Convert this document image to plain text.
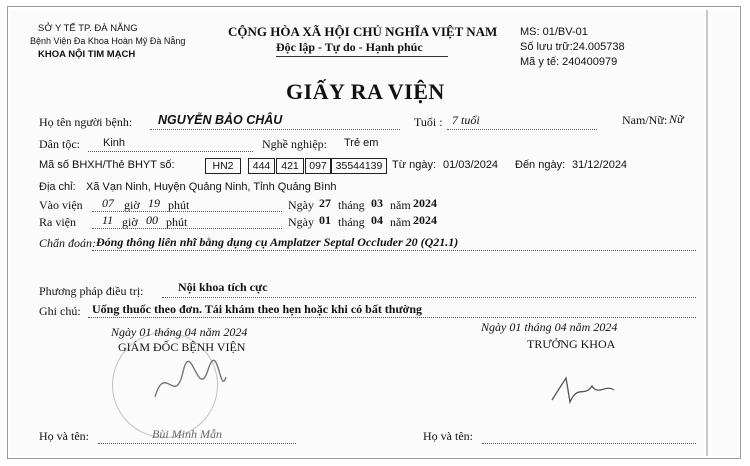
SỞ Y TẾ TP. ĐÀ NẴNG
Bệnh Viện Đa Khoa Hoàn Mỹ Đà Nẵng
KHOA NỘI TIM MẠCH
CỘNG HÒA XÃ HỘI CHỦ NGHĨA VIỆT NAM
Độc lập - Tự do - Hạnh phúc
MS: 01/BV-01
Số lưu trữ:24.005738
Mã y tế: 240400979
GIẤY RA VIỆN
Họ tên người bệnh: NGUYỄN BẢO CHÂU	Tuổi : 7 tuổi	Nam/Nữ: Nữ
Dân tộc: Kinh	Nghề nghiệp: Trẻ em
Mã số BHXH/Thẻ BHYT số:	HN2	444	421 097 35544139 Từ ngày: 01/03/2024 Đến ngày: 31/12/2024
Địa chỉ: Xã Vạn Ninh, Huyện Quảng Ninh, Tỉnh Quảng Bình
Vào viện 07 giờ 19 phút	Ngày 27 tháng 03 năm 2024
Ra viện 11 giờ 00 phút	Ngày 01 tháng 04 năm 2024
Chẩn đoán: Đóng thông liên nhĩ bằng dụng cụ Amplatzer Septal Occluder 20 (Q21.1)
Phương pháp điều trị:	Nội khoa tích cực
Ghi chú: Uống thuốc theo đơn. Tái khám theo hẹn hoặc khi có bất thường
Ngày 01 tháng 04 năm 2024
GIÁM ĐỐC BỆNH VIỆN
Họ và tên:	Bùi Minh Mẫn
Ngày 01 tháng 04 năm 2024
TRƯỞNG KHOA
Họ và tên:
